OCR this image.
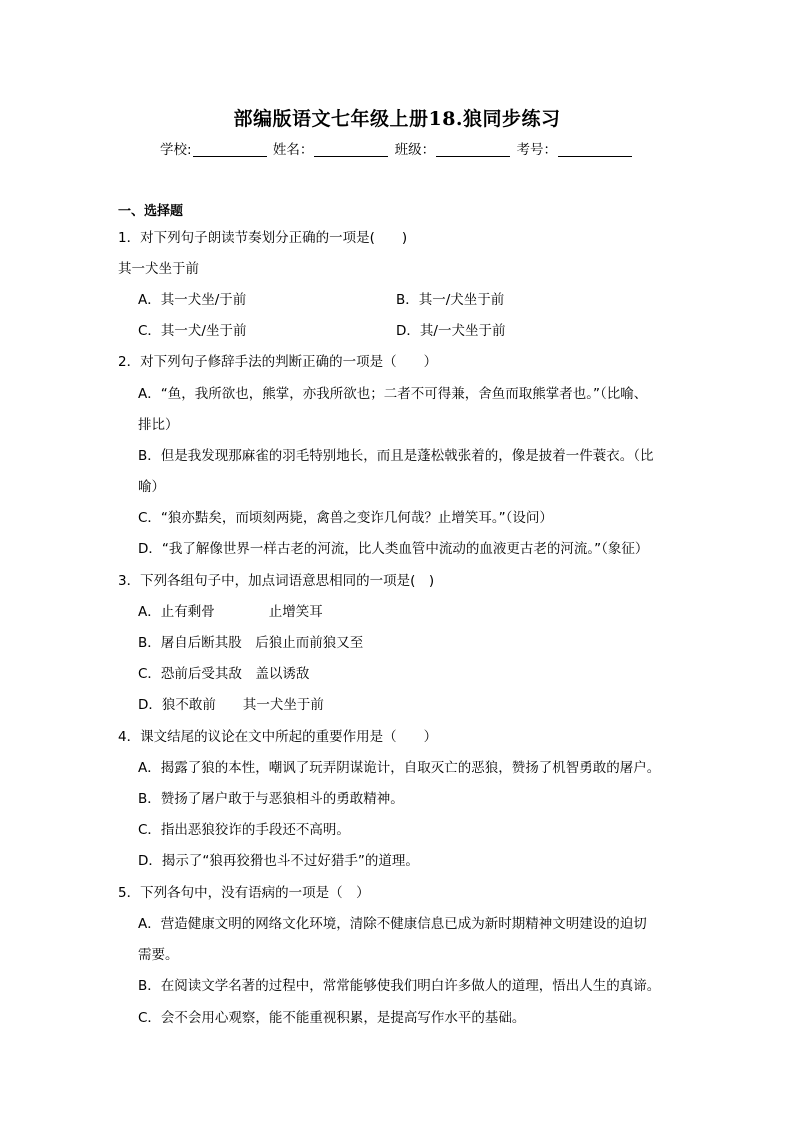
部编版语文七年级上册18.狼同步练习
学校:	姓名：	班级：	考号：
一、选择题
1．对下列句子朗读节奏划分正确的一项是(　　)
其一犬坐于前
A．其一犬坐/于前	B．其一/犬坐于前
C．其一犬/坐于前	D．其/一犬坐于前
2．对下列句子修辞手法的判断正确的一项是（　　）
A．“鱼，我所欲也，熊掌，亦我所欲也；二者不可得兼，舍鱼而取熊掌者也。”（比喻、
排比）
B．但是我发现那麻雀的羽毛特别地长，而且是蓬松戟张着的，像是披着一件蓑衣。（比
喻）
C．“狼亦黠矣，而顷刻两毙，禽兽之变诈几何哉？止增笑耳。”（设问）
D．“我了解像世界一样古老的河流，比人类血管中流动的血液更古老的河流。”（象征）
3．下列各组句子中，加点词语意思相同的一项是(　)
A．止有剩骨　　　　止增笑耳
B．屠自后断其股　后狼止而前狼又至
C．恐前后受其敌　盖以诱敌
D．狼不敢前　　其一犬坐于前
4．课文结尾的议论在文中所起的重要作用是（　　）
A．揭露了狼的本性，嘲讽了玩弄阴谋诡计，自取灭亡的恶狼，赞扬了机智勇敢的屠户。
B．赞扬了屠户敢于与恶狼相斗的勇敢精神。
C．指出恶狼狡诈的手段还不高明。
D．揭示了“狼再狡猾也斗不过好猎手”的道理。
5．下列各句中，没有语病的一项是（　）
A．营造健康文明的网络文化环境，清除不健康信息已成为新时期精神文明建设的迫切
需要。
B．在阅读文学名著的过程中，常常能够使我们明白许多做人的道理，悟出人生的真谛。
C．会不会用心观察，能不能重视积累，是提高写作水平的基础。
